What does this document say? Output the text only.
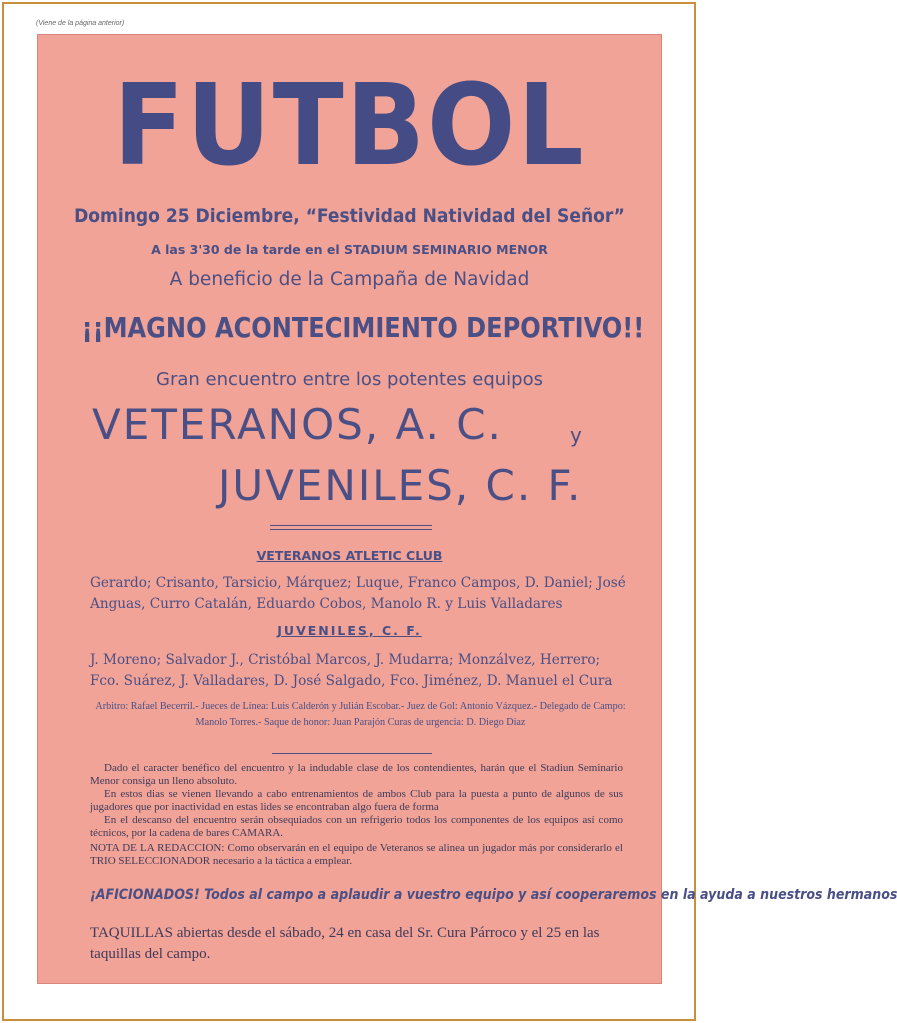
(Viene de la página anterior)
FUTBOL
Domingo 25 Diciembre, “Festividad Natividad del Señor”
A las 3'30 de la tarde en el STADIUM SEMINARIO MENOR
A beneficio de la Campaña de Navidad
¡¡MAGNO ACONTECIMIENTO DEPORTIVO!!
Gran encuentro entre los potentes equipos
VETERANOS, A. C.	y
JUVENILES, C. F.
VETERANOS ATLETIC CLUB
Gerardo; Crisanto, Tarsicio, Márquez; Luque, Franco Campos, D. Daniel; José Anguas, Curro Catalán, Eduardo Cobos, Manolo R. y Luis Valladares
JUVENILES, C. F.
J. Moreno; Salvador J., Cristóbal Marcos, J. Mudarra; Monzálvez, Herrero; Fco. Suárez, J. Valladares, D. José Salgado, Fco. Jiménez, D. Manuel el Cura
Arbitro: Rafael Becerril.- Jueces de Línea: Luis Calderón y Julián Escobar.- Juez de Gol: Antonio Vázquez.- Delegado de Campo: Manolo Torres.- Saque de honor: Juan Parajón Curas de urgencia: D. Diego Díaz

Dado el caracter benéfico del encuentro y la indudable clase de los contendientes, harán que el Stadiun Seminario Menor consiga un lleno absoluto.

En estos dias se vienen llevando a cabo entrenamientos de ambos Club para la puesta a punto de algunos de sus jugadores que por inactividad en estas lides se encontraban algo fuera de forma

En el descanso del encuentro serán obsequiados con un refrigerio todos los componentes de los equipos así como técnicos, por la cadena de bares CAMARA.

NOTA DE LA REDACCION: Como observarán en el equipo de Veteranos se alinea un jugador más por considerarlo el TRIO SELECCIONADOR necesario a la táctica a emplear.

¡AFICIONADOS! Todos al campo a aplaudir a vuestro equipo y así cooperaremos en la ayuda a nuestros hermanos
TAQUILLAS abiertas desde el sábado, 24 en casa del Sr. Cura Párroco y el 25 en las taquillas del campo.
